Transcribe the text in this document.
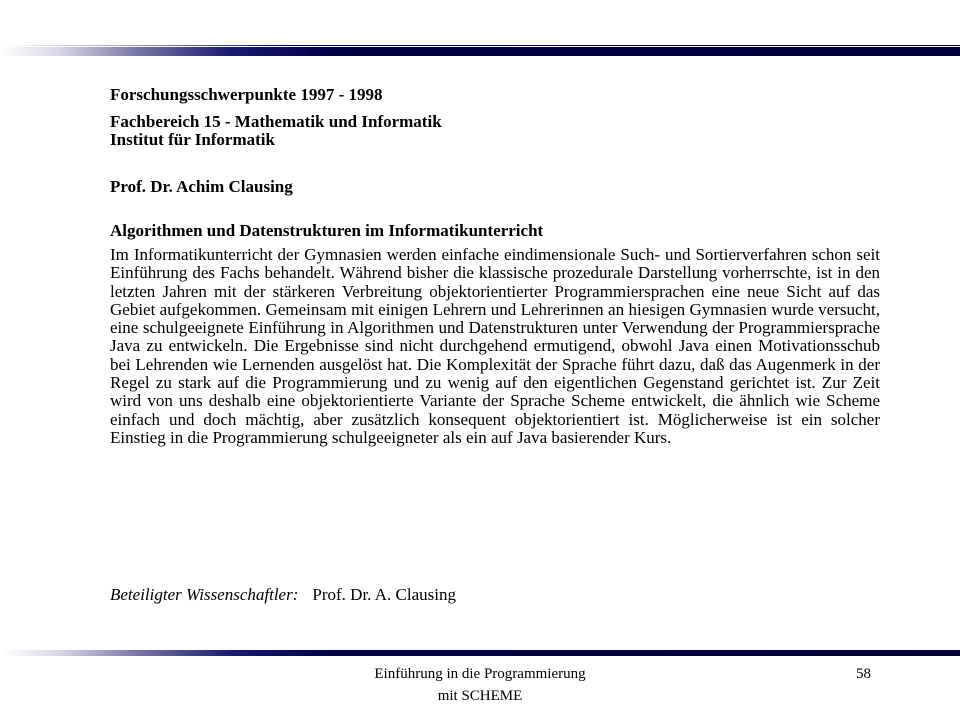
Forschungsschwerpunkte 1997 - 1998
Fachbereich 15 - Mathematik und Informatik
Institut für Informatik
Prof. Dr. Achim Clausing
Algorithmen und Datenstrukturen im Informatikunterricht

Im Informatikunterricht der Gymnasien werden einfache eindimensionale Such- und Sortierverfahren schon seit Einführung des Fachs behandelt. Während bisher die klassische prozedurale Darstellung vorherrschte, ist in den letzten Jahren mit der stärkeren Verbreitung objektorientierter Programmiersprachen eine neue Sicht auf das Gebiet aufgekommen. Gemeinsam mit einigen Lehrern und Lehrerinnen an hiesigen Gymnasien wurde versucht, eine schulgeeignete Einführung in Algorithmen und Datenstrukturen unter Verwendung der Programmiersprache Java zu entwickeln. Die Ergebnisse sind nicht durchgehend ermutigend, obwohl Java einen Motivationsschub bei Lehrenden wie Lernenden ausgelöst hat. Die Komplexität der Sprache führt dazu, daß das Augenmerk in der Regel zu stark auf die Programmierung und zu wenig auf den eigentlichen Gegenstand gerichtet ist. Zur Zeit wird von uns deshalb eine objektorientierte Variante der Sprache Scheme entwickelt, die ähnlich wie Scheme einfach und doch mächtig, aber zusätzlich konsequent objektorientiert ist. Möglicherweise ist ein solcher Einstieg in die Programmierung schulgeeigneter als ein auf Java basierender Kurs.

Beteiligter Wissenschaftler: Prof. Dr. A. Clausing
Einführung in die Programmierung
mit SCHEME
58
